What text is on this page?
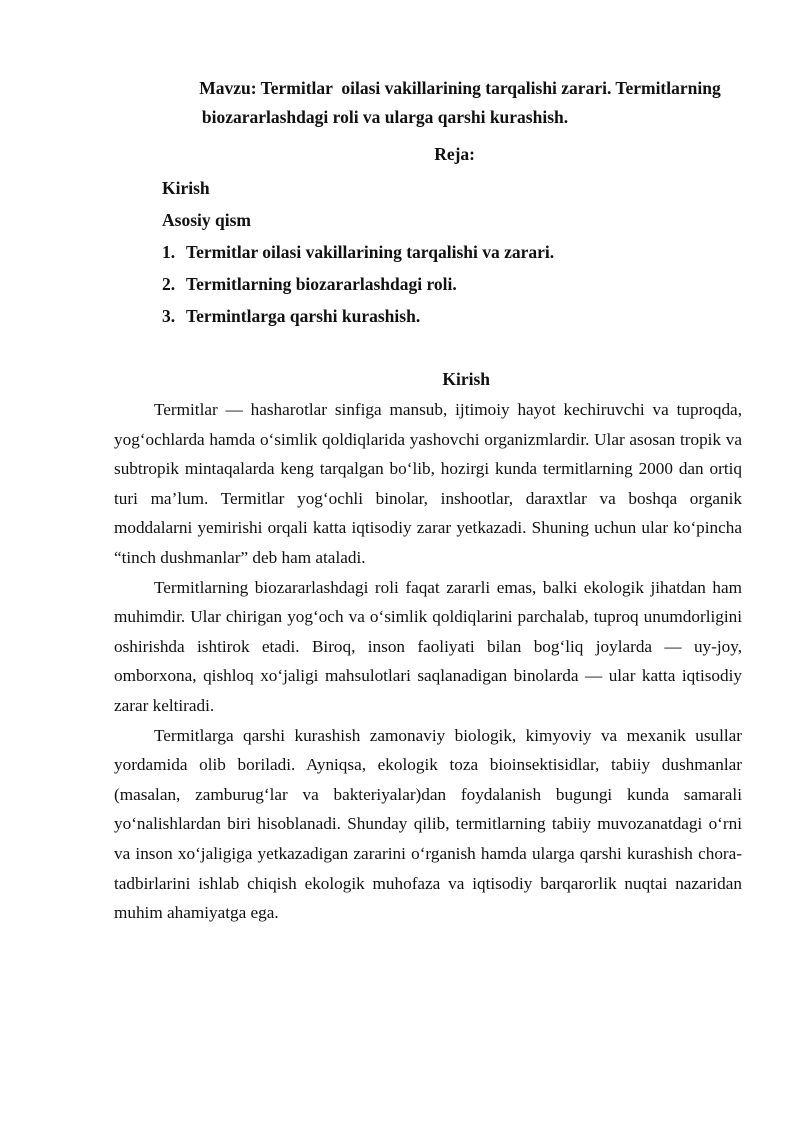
Mavzu: Termitlar  oilasi vakillarining tarqalishi zarari. Termitlarning
biozararlashdagi roli va ularga qarshi kurashish.
Reja:
Kirish
Asosiy qism
1. Termitlar oilasi vakillarining tarqalishi va zarari.
2. Termitlarning biozararlashdagi roli.
3. Termintlarga qarshi kurashish.
Kirish

Termitlar — hasharotlar sinfiga mansub, ijtimoiy hayot kechiruvchi va tuproqda, yog‘ochlarda hamda o‘simlik qoldiqlarida yashovchi organizmlardir. Ular asosan tropik va subtropik mintaqalarda keng tarqalgan bo‘lib, hozirgi kunda termitlarning 2000 dan ortiq turi ma’lum. Termitlar yog‘ochli binolar, inshootlar, daraxtlar va boshqa organik moddalarni yemirishi orqali katta iqtisodiy zarar yetkazadi. Shuning uchun ular ko‘pincha “tinch dushmanlar” deb ham ataladi.

Termitlarning biozararlashdagi roli faqat zararli emas, balki ekologik jihatdan ham muhimdir. Ular chirigan yog‘och va o‘simlik qoldiqlarini parchalab, tuproq unumdorligini oshirishda ishtirok etadi. Biroq, inson faoliyati bilan bog‘liq joylarda — uy-joy, omborxona, qishloq xo‘jaligi mahsulotlari saqlanadigan binolarda — ular katta iqtisodiy zarar keltiradi.

Termitlarga qarshi kurashish zamonaviy biologik, kimyoviy va mexanik usullar yordamida olib boriladi. Ayniqsa, ekologik toza bioinsektisidlar, tabiiy dushmanlar (masalan, zamburug‘lar va bakteriyalar)dan foydalanish bugungi kunda samarali yo‘nalishlardan biri hisoblanadi. Shunday qilib, termitlarning tabiiy muvozanatdagi o‘rni va inson xo‘jaligiga yetkazadigan zararini o‘rganish hamda ularga qarshi kurashish chora-tadbirlarini ishlab chiqish ekologik muhofaza va iqtisodiy barqarorlik nuqtai nazaridan muhim ahamiyatga ega.
